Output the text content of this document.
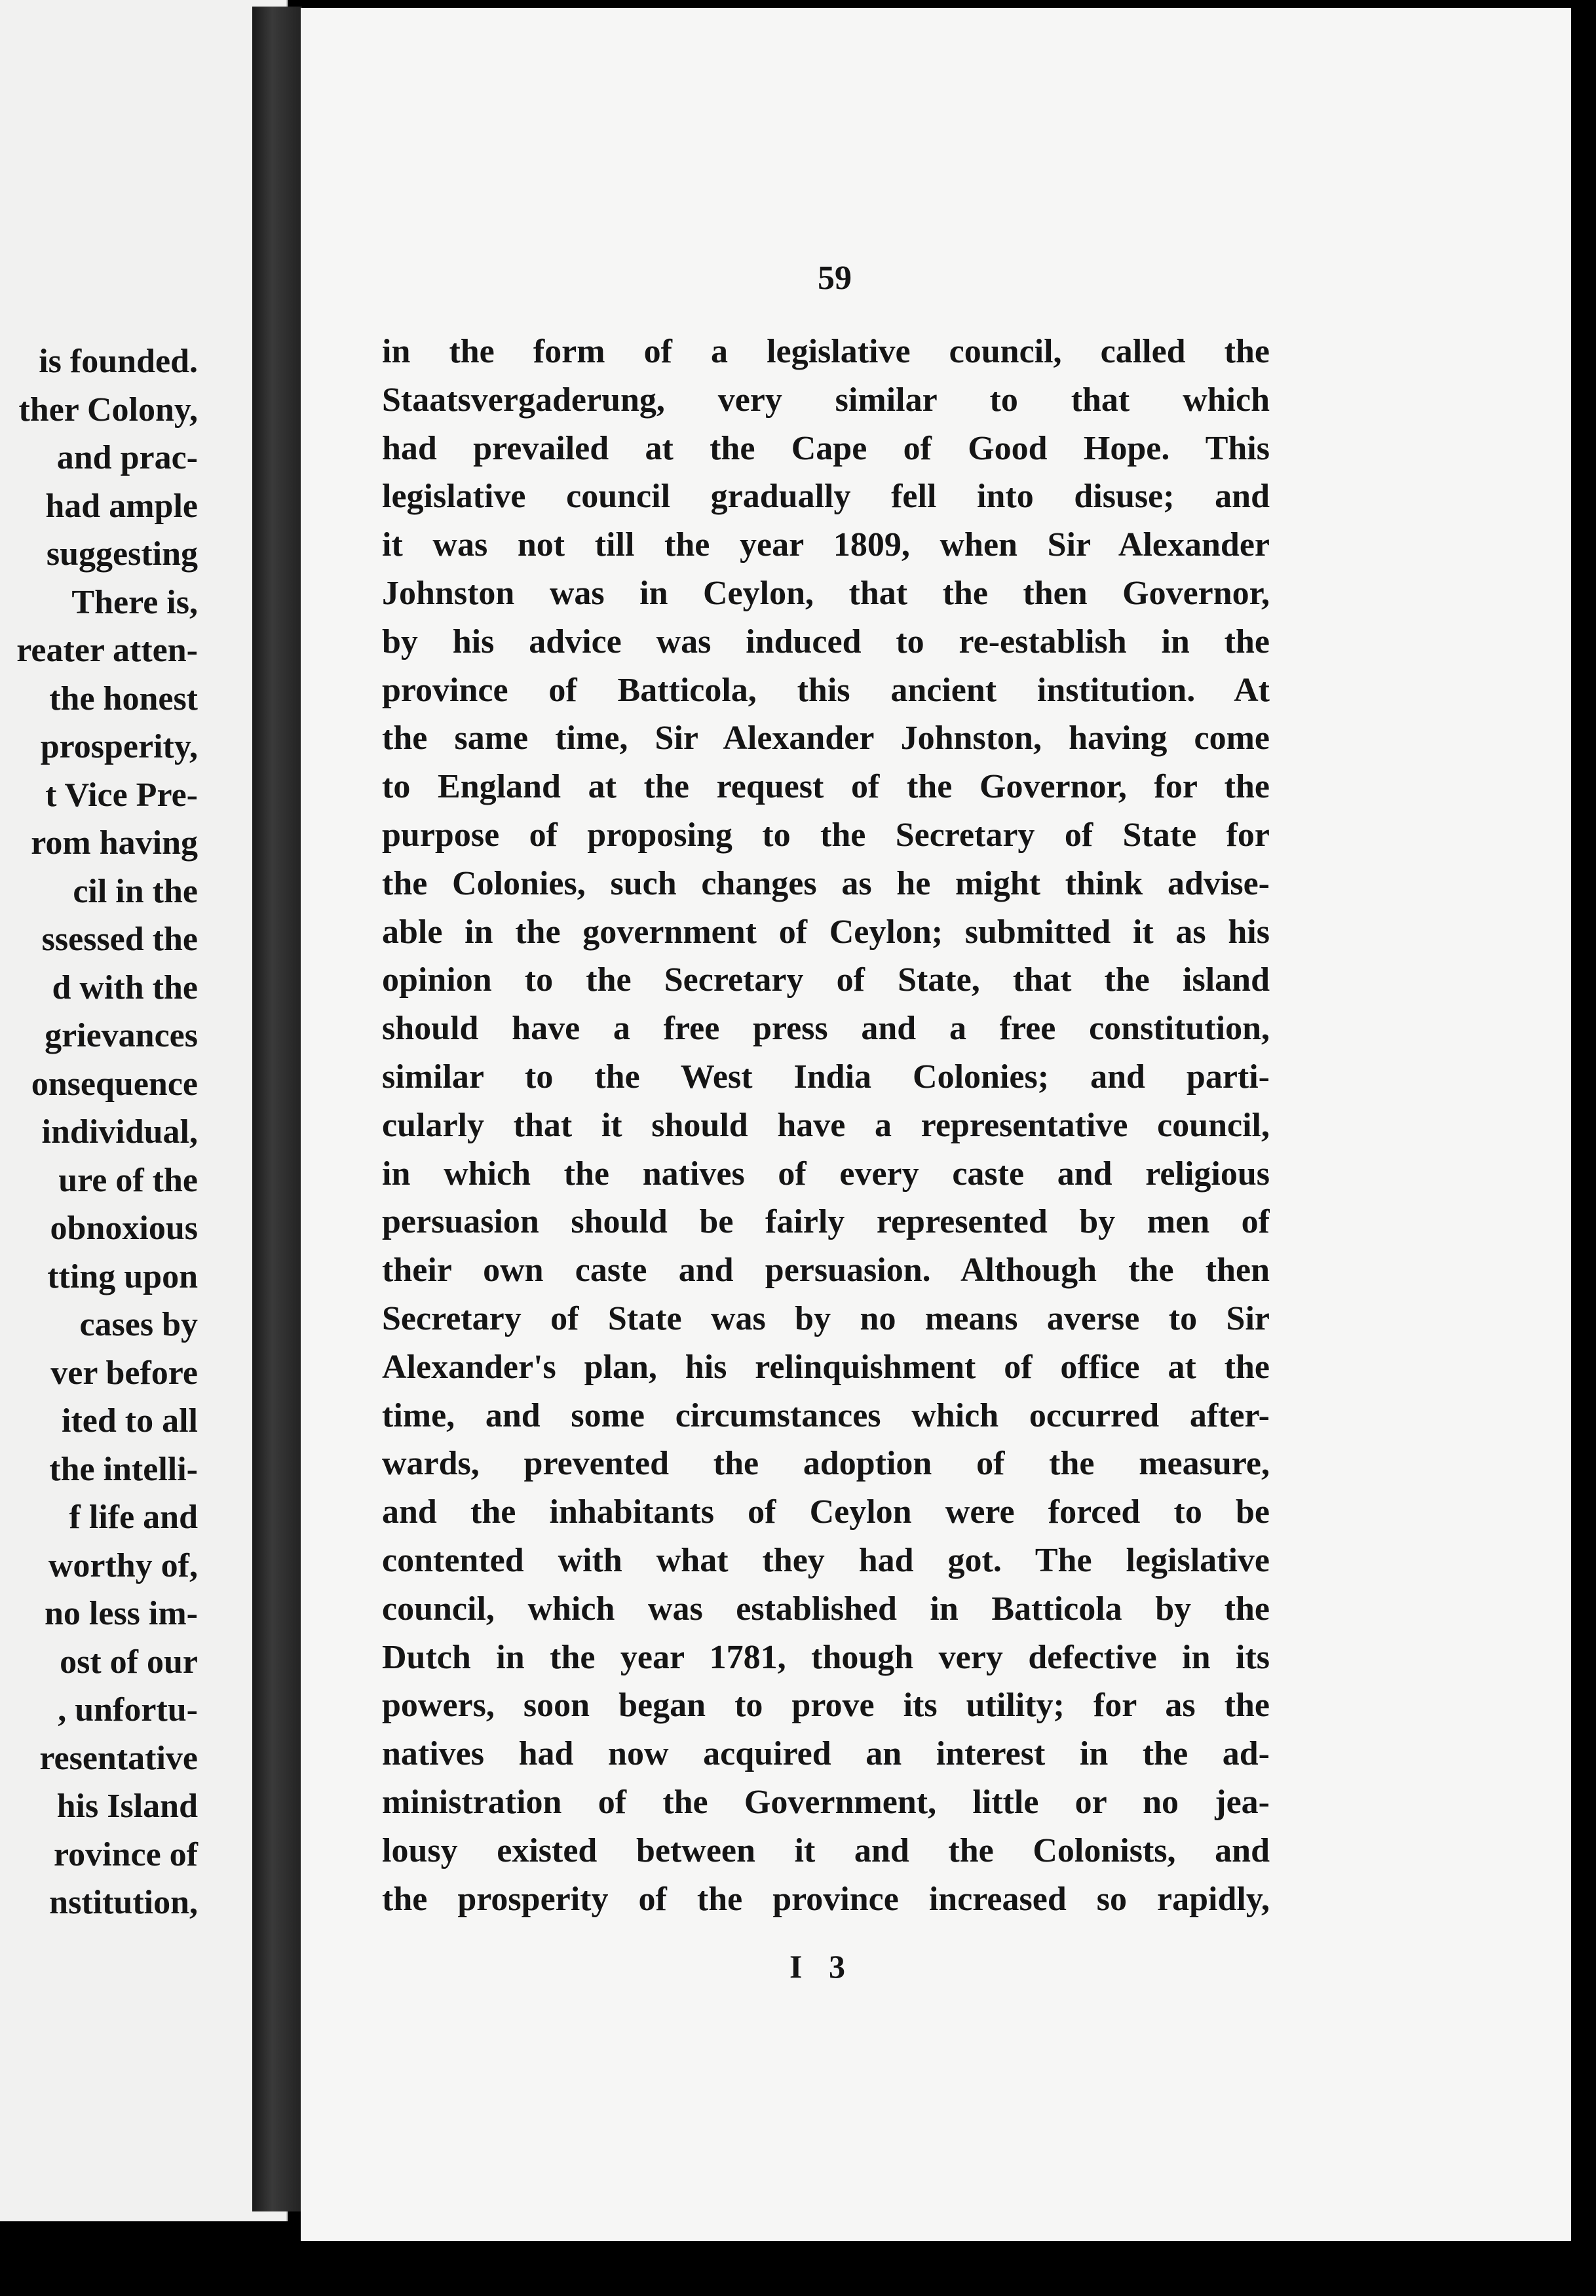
is founded.
ther Colony,
and prac-
had ample
suggesting
There is,
reater atten-
the honest
prosperity,
t Vice Pre-
rom having
cil in the
ssessed the
d with the
grievances
onsequence
individual,
ure of the
obnoxious
tting upon
cases by
ver before
ited to all
the intelli-
f life and
worthy of,
no less im-
ost of our
, unfortu-
resentative
his Island
rovince of
nstitution,
59
in the form of a legislative council, called the
Staatsvergaderung, very similar to that which
had prevailed at the Cape of Good Hope. This
legislative council gradually fell into disuse; and
it was not till the year 1809, when Sir Alexander
Johnston was in Ceylon, that the then Governor,
by his advice was induced to re-establish in the
province of Batticola, this ancient institution. At
the same time, Sir Alexander Johnston, having come
to England at the request of the Governor, for the
purpose of proposing to the Secretary of State for
the Colonies, such changes as he might think advise-
able in the government of Ceylon; submitted it as his
opinion to the Secretary of State, that the island
should have a free press and a free constitution,
similar to the West India Colonies; and parti-
cularly that it should have a representative council,
in which the natives of every caste and religious
persuasion should be fairly represented by men of
their own caste and persuasion. Although the then
Secretary of State was by no means averse to Sir
Alexander's plan, his relinquishment of office at the
time, and some circumstances which occurred after-
wards, prevented the adoption of the measure,
and the inhabitants of Ceylon were forced to be
contented with what they had got. The legislative
council, which was established in Batticola by the
Dutch in the year 1781, though very defective in its
powers, soon began to prove its utility; for as the
natives had now acquired an interest in the ad-
ministration of the Government, little or no jea-
lousy existed between it and the Colonists, and
the prosperity of the province increased so rapidly,
I 3
